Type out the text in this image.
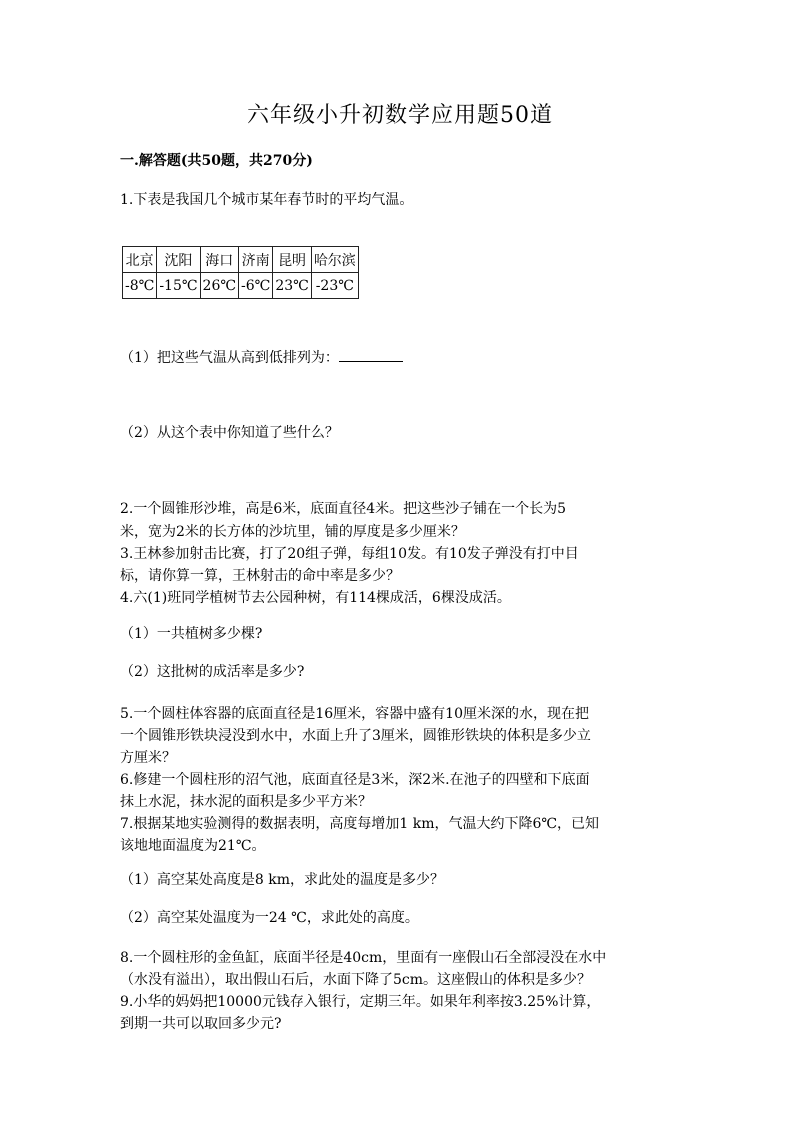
六年级小升初数学应用题50道
一.解答题(共50题，共270分)
1.下表是我国几个城市某年春节时的平均气温。
北京	沈阳	海口	济南	昆明	哈尔滨
-8℃	-15℃	26℃	-6℃	23℃	-23℃
（1）把这些气温从高到低排列为：
（2）从这个表中你知道了些什么？
2.一个圆锥形沙堆，高是6米，底面直径4米。把这些沙子铺在一个长为5
米，宽为2米的长方体的沙坑里，铺的厚度是多少厘米？
3.王林参加射击比赛，打了20组子弹，每组10发。有10发子弹没有打中目
标，请你算一算，王林射击的命中率是多少？
4.六(1)班同学植树节去公园种树，有114棵成活，6棵没成活。
（1）一共植树多少棵?
（2）这批树的成活率是多少?
5.一个圆柱体容器的底面直径是16厘米，容器中盛有10厘米深的水，现在把
一个圆锥形铁块浸没到水中，水面上升了3厘米，圆锥形铁块的体积是多少立
方厘米？
6.修建一个圆柱形的沼气池，底面直径是3米，深2米.在池子的四壁和下底面
抹上水泥，抹水泥的面积是多少平方米？
7.根据某地实验测得的数据表明，高度每增加1 km，气温大约下降6℃，已知
该地地面温度为21℃。
（1）高空某处高度是8 km，求此处的温度是多少？
（2）高空某处温度为一24 ℃，求此处的高度。
8.一个圆柱形的金鱼缸，底面半径是40cm，里面有一座假山石全部浸没在水中
（水没有溢出），取出假山石后，水面下降了5cm。这座假山的体积是多少？
9.小华的妈妈把10000元钱存入银行，定期三年。如果年利率按3.25%计算，
到期一共可以取回多少元?
